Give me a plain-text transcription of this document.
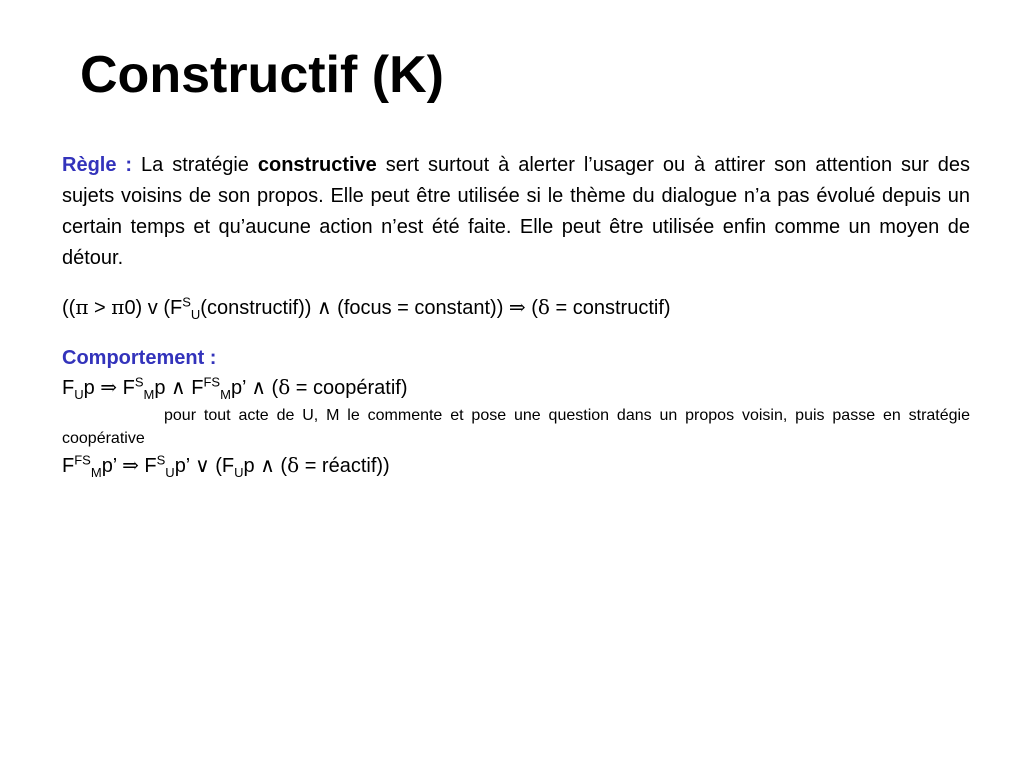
Constructif (K)

Règle : La stratégie constructive sert surtout à alerter l’usager ou à attirer son attention sur des sujets voisins de son propos. Elle peut être utilisée si le thème du dialogue n’a pas évolué depuis un certain temps et qu’aucune action n’est été faite. Elle peut être utilisée enfin comme un moyen de détour.

((π > π0) v $(F^S_U(constructif))$ ∧ (focus = constant)) ⇒ (δ = constructif)

Comportement :

$F_Up$ ⇒ $F^S_Mp$ ∧ $F^{FS}_Mp$’ ∧ (δ = coopératif)

pour tout acte de U, M le commente et pose une question dans un propos voisin, puis passe en stratégie coopérative

$F^{FS}_Mp$’ ⇒ $F^S_Up$’ ∨ ($F_Up$ ∧ (δ = réactif))
